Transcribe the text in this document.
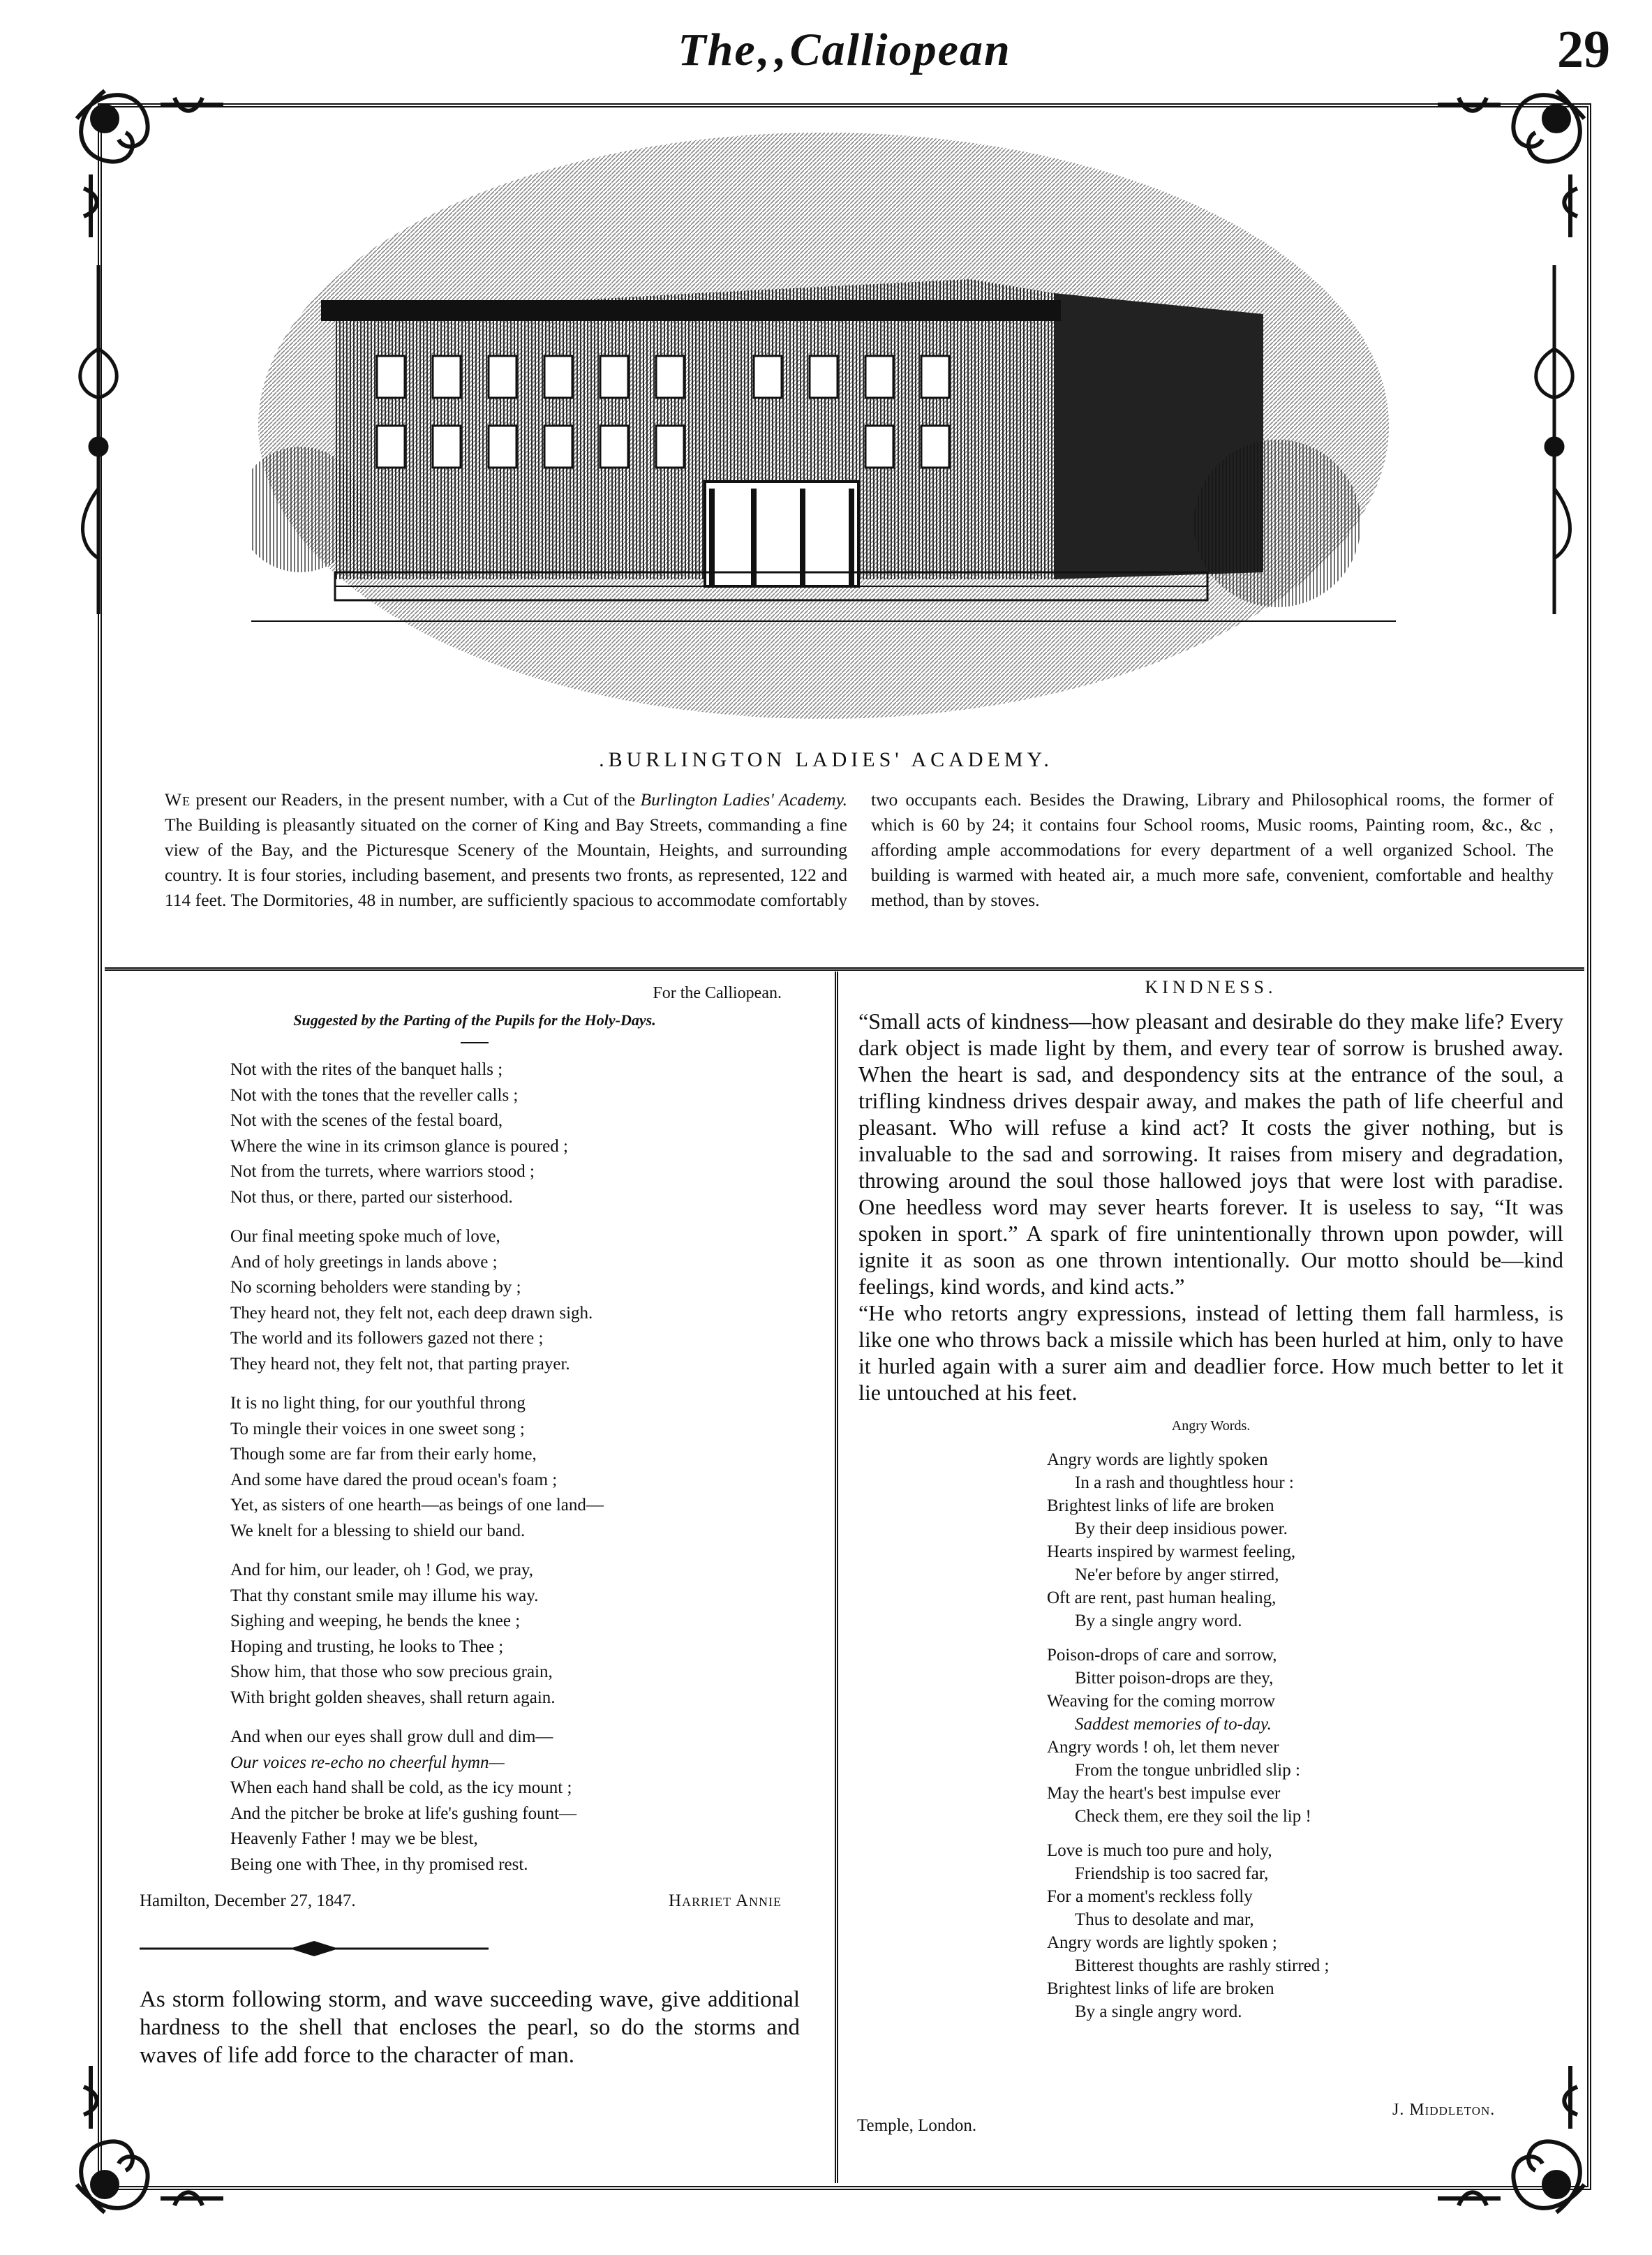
The‚‚Calliopean	29
.BURLINGTON LADIES' ACADEMY.
We present our Readers, in the present number, with a Cut of the Burlington Ladies' Academy. The Building is pleasantly situated on the corner of King and Bay Streets, commanding a fine view of the Bay, and the Picturesque Scenery of the Mountain, Heights, and surrounding country. It is four stories, including basement, and presents two fronts, as represented, 122 and 114 feet. The Dormitories, 48 in number, are sufficiently spacious to accommodate comfortably two occupants each. Besides the Drawing, Library and Philosophical rooms, the former of which is 60 by 24; it contains four School rooms, Music rooms, Painting room, &c., &c , affording ample accommodations for every department of a well organized School. The building is warmed with heated air, a much more safe, convenient, comfortable and healthy method, than by stoves.
For the Calliopean.
Suggested by the Parting of the Pupils for the Holy-Days.
Not with the rites of the banquet halls ;
Not with the tones that the reveller calls ;
Not with the scenes of the festal board,
Where the wine in its crimson glance is poured ;
Not from the turrets, where warriors stood ;
Not thus, or there, parted our sisterhood.
Our final meeting spoke much of love,
And of holy greetings in lands above ;
No scorning beholders were standing by ;
They heard not, they felt not, each deep drawn sigh.
The world and its followers gazed not there ;
They heard not, they felt not, that parting prayer.
It is no light thing, for our youthful throng
To mingle their voices in one sweet song ;
Though some are far from their early home,
And some have dared the proud ocean's foam ;
Yet, as sisters of one hearth—as beings of one land—
We knelt for a blessing to shield our band.
And for him, our leader, oh ! God, we pray,
That thy constant smile may illume his way.
Sighing and weeping, he bends the knee ;
Hoping and trusting, he looks to Thee ;
Show him, that those who sow precious grain,
With bright golden sheaves, shall return again.
And when our eyes shall grow dull and dim—
Our voices re-echo no cheerful hymn—
When each hand shall be cold, as the icy mount ;
And the pitcher be broke at life's gushing fount—
Heavenly Father ! may we be blest,
Being one with Thee, in thy promised rest.
Hamilton, December 27, 1847.	Harriet Annie
As storm following storm, and wave succeeding wave, give additional hardness to the shell that encloses the pearl, so do the storms and waves of life add force to the character of man.
KINDNESS.

“Small acts of kindness—how pleasant and desirable do they make life? Every dark object is made light by them, and every tear of sorrow is brushed away. When the heart is sad, and despondency sits at the entrance of the soul, a trifling kindness drives despair away, and makes the path of life cheerful and pleasant. Who will refuse a kind act? It costs the giver nothing, but is invaluable to the sad and sorrowing. It raises from misery and degradation, throwing around the soul those hallowed joys that were lost with paradise. One heedless word may sever hearts forever. It is useless to say, “It was spoken in sport.” A spark of fire unintentionally thrown upon powder, will ignite it as soon as one thrown intentionally. Our motto should be—kind feelings, kind words, and kind acts.”

“He who retorts angry expressions, instead of letting them fall harmless, is like one who throws back a missile which has been hurled at him, only to have it hurled again with a surer aim and deadlier force. How much better to let it lie untouched at his feet.

Angry Words.
Angry words are lightly spoken
In a rash and thoughtless hour :
Brightest links of life are broken
By their deep insidious power.
Hearts inspired by warmest feeling,
Ne'er before by anger stirred,
Oft are rent, past human healing,
By a single angry word.
Poison-drops of care and sorrow,
Bitter poison-drops are they,
Weaving for the coming morrow
Saddest memories of to-day.
Angry words ! oh, let them never
From the tongue unbridled slip :
May the heart's best impulse ever
Check them, ere they soil the lip !
Love is much too pure and holy,
Friendship is too sacred far,
For a moment's reckless folly
Thus to desolate and mar,
Angry words are lightly spoken ;
Bitterest thoughts are rashly stirred ;
Brightest links of life are broken
By a single angry word.
Temple, London.
J. Middleton.
